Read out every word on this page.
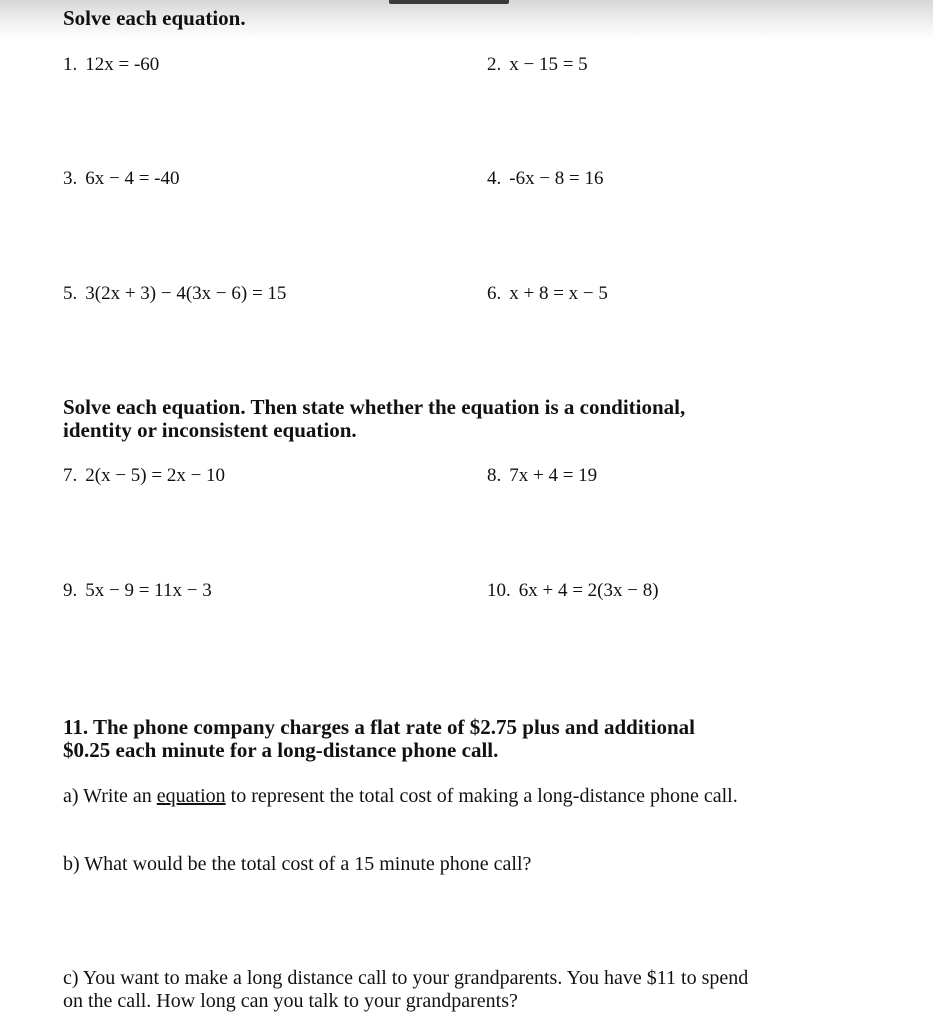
Solve each equation.
1. 12x = -60	2. x − 15 = 5
3. 6x − 4 = -40	4. -6x − 8 = 16
5. 3(2x + 3) − 4(3x − 6) = 15	6. x + 8 = x − 5
Solve each equation. Then state whether the equation is a conditional,
identity or inconsistent equation.
7. 2(x − 5) = 2x − 10	8. 7x + 4 = 19
9. 5x − 9 = 11x − 3	10. 6x + 4 = 2(3x − 8)
11. The phone company charges a flat rate of $2.75 plus and additional
$0.25 each minute for a long-distance phone call.
a) Write an equation to represent the total cost of making a long-distance phone call.
b) What would be the total cost of a 15 minute phone call?
c) You want to make a long distance call to your grandparents. You have $11 to spend
on the call. How long can you talk to your grandparents?
